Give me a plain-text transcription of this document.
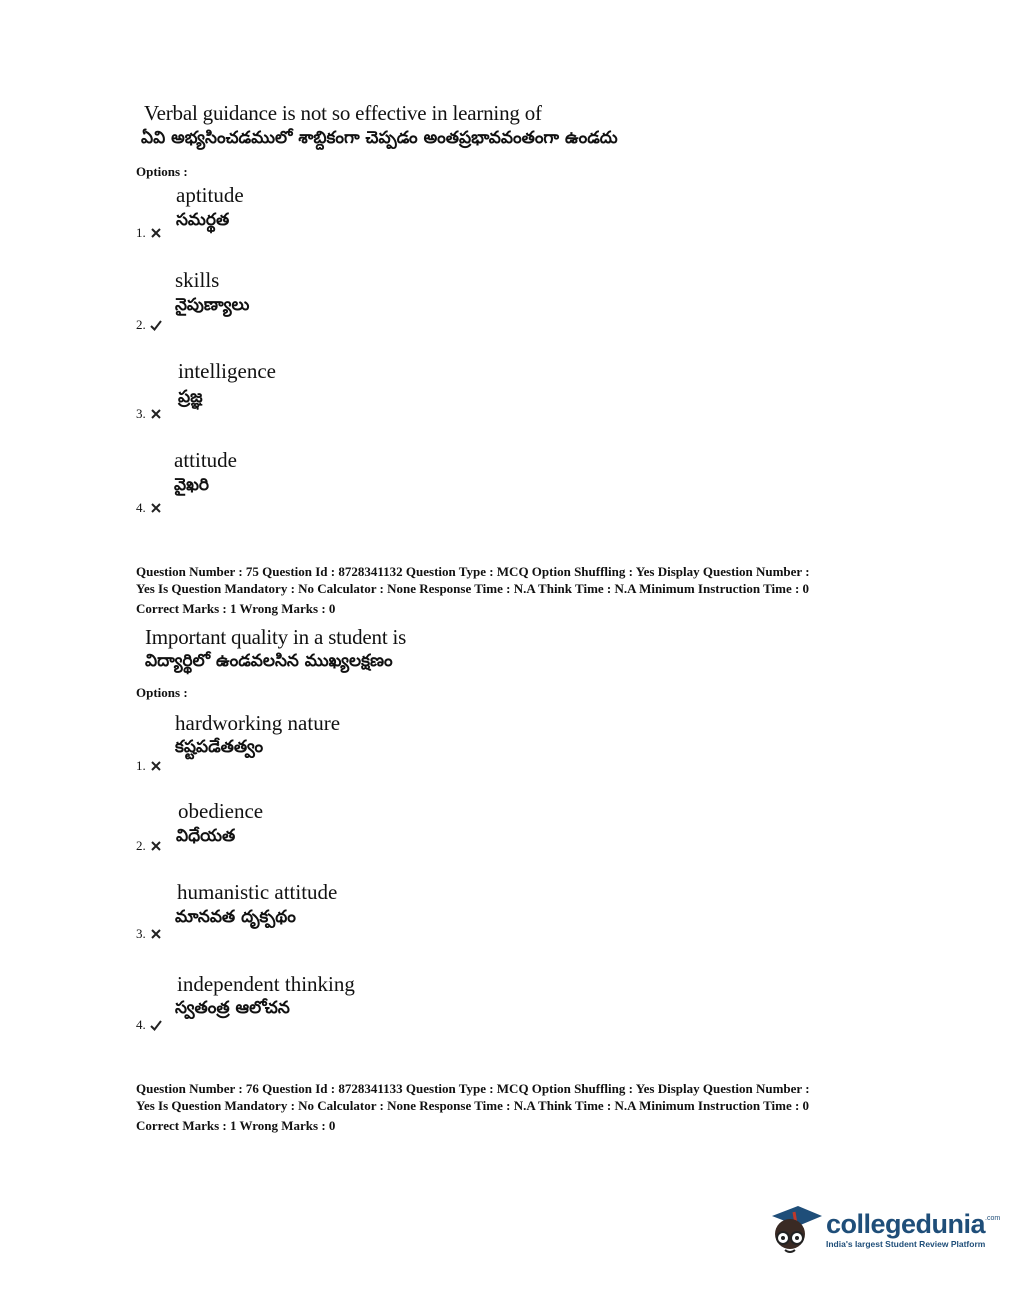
Verbal guidance is not so effective in learning of
ఏవి అభ్యసించడములో శాబ్దికంగా చెప్పడం అంతప్రభావవంతంగా ఉండదు
Options :
aptitude
సమర్థత
1.
skills
నైపుణ్యాలు
2.
intelligence
ప్రజ్ఞ
3.
attitude
వైఖరి
4.
Question Number : 75 Question Id : 8728341132 Question Type : MCQ Option Shuffling : Yes Display Question Number :
Yes Is Question Mandatory : No Calculator : None Response Time : N.A Think Time : N.A Minimum Instruction Time : 0
Correct Marks : 1 Wrong Marks : 0
Important quality in a student is
విద్యార్థిలో ఉండవలసిన ముఖ్యలక్షణం
Options :
hardworking nature
కష్టపడేతత్వం
1.
obedience
విధేయత
2.
humanistic attitude
మానవత దృక్పథం
3.
independent thinking
స్వతంత్ర ఆలోచన
4.
Question Number : 76 Question Id : 8728341133 Question Type : MCQ Option Shuffling : Yes Display Question Number :
Yes Is Question Mandatory : No Calculator : None Response Time : N.A Think Time : N.A Minimum Instruction Time : 0
Correct Marks : 1 Wrong Marks : 0
collegedunia .com
India's largest Student Review Platform
